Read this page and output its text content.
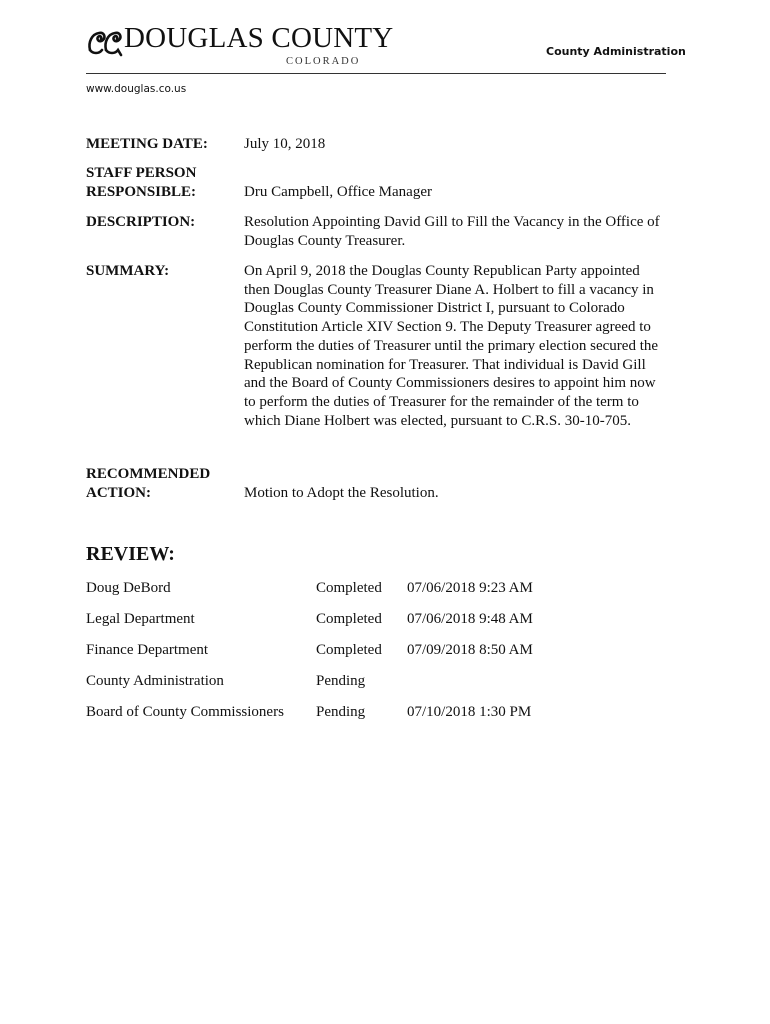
DOUGLAS COUNTY
COLORADO
County Administration
www.douglas.co.us
MEETING DATE: July 10, 2018
STAFF PERSON
RESPONSIBLE:	Dru Campbell, Office Manager
DESCRIPTION:	Resolution Appointing David Gill to Fill the Vacancy in the Office of Douglas County Treasurer.
SUMMARY:	On April 9, 2018 the Douglas County Republican Party appointed then Douglas County Treasurer Diane A. Holbert to fill a vacancy in Douglas County Commissioner District I, pursuant to Colorado Constitution Article XIV Section 9. The Deputy Treasurer agreed to perform the duties of Treasurer until the primary election secured the Republican nomination for Treasurer. That individual is David Gill and the Board of County Commissioners desires to appoint him now to perform the duties of Treasurer for the remainder of the term to which Diane Holbert was elected, pursuant to C.R.S. 30-10-705.
RECOMMENDED
ACTION:	Motion to Adopt the Resolution.
REVIEW:
Doug DeBord	Completed 07/06/2018 9:23 AM
Legal Department	Completed 07/06/2018 9:48 AM
Finance Department	Completed 07/09/2018 8:50 AM
County Administration	Pending
Board of County Commissioners Pending	07/10/2018 1:30 PM
